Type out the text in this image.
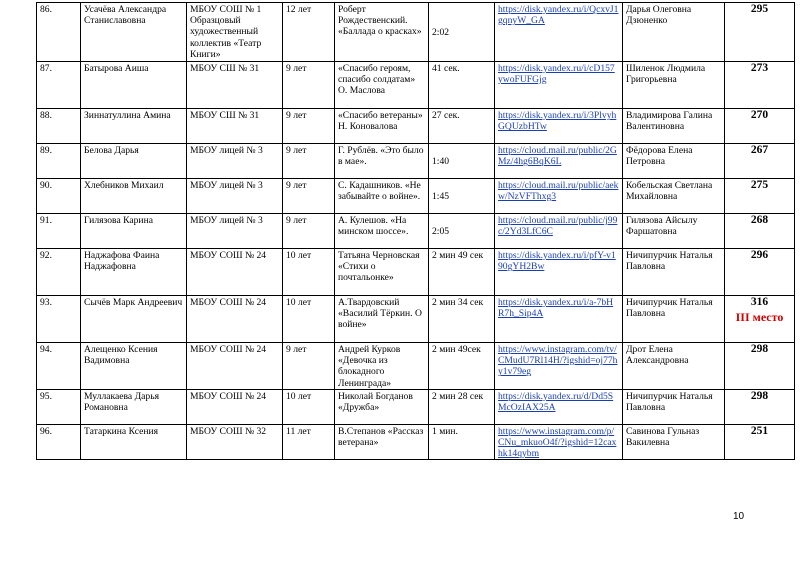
86.	Усачёва Александра Станиславовна	МБОУ СОШ № 1 Образцовый художественный коллектив «Театр Книги»	12 лет	Роберт Рождественский. «Баллада о красках»	2:02	https://disk.yandex.ru/i/QcxvJ1gqnyW_GA	Дарья Олеговна Дзюненко	295
87.	Батырова Аиша	МБОУ СШ № 31	9 лет	«Спасибо героям, спасибо солдатам» О. Маслова	41 сек.	https://disk.yandex.ru/i/cD157ywoFUFGjg	Шиленок Людмила Григорьевна	273
88.	Зиннатуллина Амина	МБОУ СШ № 31	9 лет	«Спасибо ветераны» Н. Коновалова	27 сек.	https://disk.yandex.ru/i/3PlvyhGQUzbHTw	Владимирова Галина Валентиновна	270
89.	Белова Дарья	МБОУ лицей № 3	9 лет	Г. Рублёв. «Это было в мае».	1:40	https://cloud.mail.ru/public/2GMz/4hg6BqK6L	Фёдорова Елена Петровна	267
90.	Хлебников Михаил	МБОУ лицей № 3	9 лет	С. Кадашников. «Не забывайте о войне».	1:45	https://cloud.mail.ru/public/aekw/NzVFThxg3	Кобельская Светлана Михайловна	275
91.	Гилязова Карина	МБОУ лицей № 3	9 лет	А. Кулешов. «На минском шоссе».	2:05	https://cloud.mail.ru/public/j99c/2Yd3LfC6C	Гилязова Айсылу Фаршатовна	268
92.	Наджафова Фаина Наджафовна	МБОУ СОШ № 24	10 лет	Татьяна Черновская «Стихи о почтальонке»	2 мин 49 сек	https://disk.yandex.ru/i/pfY-v190gYH2Bw	Ничипурчик Наталья Павловна	296
93.	Сычёв Марк Андреевич	МБОУ СОШ № 24	10 лет	А.Твардовский «Василий Тёркин. О войне»	2 мин 34 сек	https://disk.yandex.ru/i/a-7bHR7h_Sip4A	Ничипурчик Наталья Павловна	316
III место

94.	Алещенко Ксения Вадимовна	МБОУ СОШ № 24	9 лет	Андрей Курков «Девочка из блокадного Ленинграда»	2 мин 49сек	https://www.instagram.com/tv/CMudU7Rl14H/?igshid=oj77hy1v79eg	Дрот Елена Александровна	298
95.	Муллакаева Дарья Романовна	МБОУ СОШ № 24	10 лет	Николай Богданов «Дружба»	2 мин 28 сек	https://disk.yandex.ru/d/Dd5SMcOzIAX25A	Ничипурчик Наталья Павловна	298
96.	Татаркина Ксения	МБОУ СОШ № 32	11 лет	В.Степанов «Рассказ ветерана»	1 мин.	https://www.instagram.com/p/CNu_mkuoO4f/?igshid=12caxhk14qybm	Савинова Гульназ Вакилевна	251
10
